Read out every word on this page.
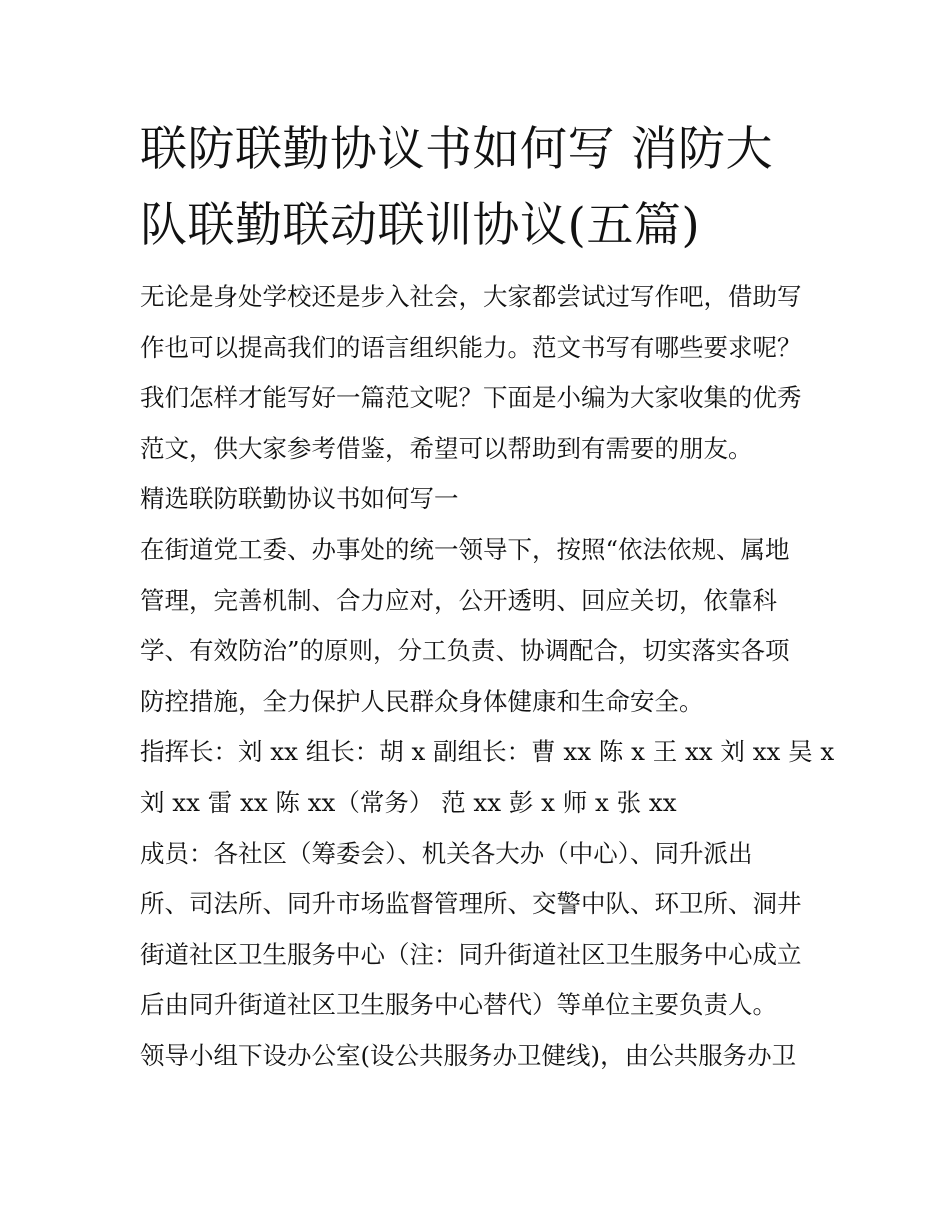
联防联勤协议书如何写 消防大
队联勤联动联训协议(五篇)
无论是身处学校还是步入社会，大家都尝试过写作吧，借助写
作也可以提高我们的语言组织能力。范文书写有哪些要求呢？
我们怎样才能写好一篇范文呢？下面是小编为大家收集的优秀
范文，供大家参考借鉴，希望可以帮助到有需要的朋友。
精选联防联勤协议书如何写一
在街道党工委、办事处的统一领导下，按照“依法依规、属地
管理，完善机制、合力应对，公开透明、回应关切，依靠科
学、有效防治”的原则，分工负责、协调配合，切实落实各项
防控措施，全力保护人民群众身体健康和生命安全。
指挥长：刘 xx 组长：胡 x 副组长：曹 xx 陈 x 王 xx 刘 xx 吴 x
刘 xx 雷 xx 陈 xx（常务） 范 xx 彭 x 师 x 张 xx
成员：各社区（筹委会）、机关各大办（中心）、同升派出
所、司法所、同升市场监督管理所、交警中队、环卫所、洞井
街道社区卫生服务中心（注：同升街道社区卫生服务中心成立
后由同升街道社区卫生服务中心替代）等单位主要负责人。
领导小组下设办公室(设公共服务办卫健线)，由公共服务办卫
